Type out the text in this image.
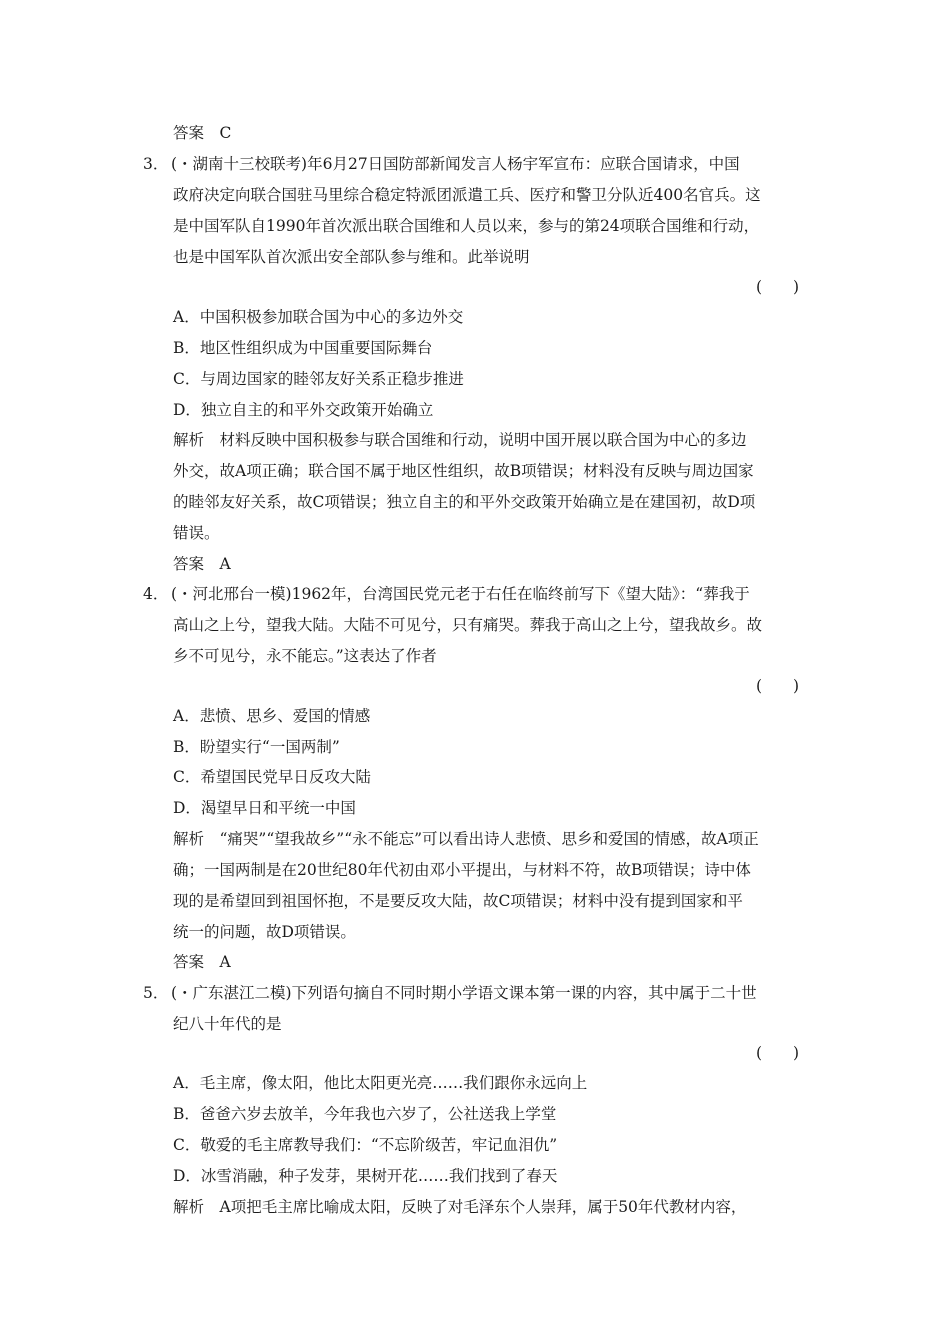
答案　C
3． (・湖南十三校联考)年6月27日国防部新闻发言人杨宇军宣布：应联合国请求，中国
政府决定向联合国驻马里综合稳定特派团派遣工兵、医疗和警卫分队近400名官兵。这
是中国军队自1990年首次派出联合国维和人员以来，参与的第24项联合国维和行动，
也是中国军队首次派出安全部队参与维和。此举说明
(　　)
A．中国积极参加联合国为中心的多边外交
B．地区性组织成为中国重要国际舞台
C．与周边国家的睦邻友好关系正稳步推进
D．独立自主的和平外交政策开始确立
解析　材料反映中国积极参与联合国维和行动，说明中国开展以联合国为中心的多边
外交，故A项正确；联合国不属于地区性组织，故B项错误；材料没有反映与周边国家
的睦邻友好关系，故C项错误；独立自主的和平外交政策开始确立是在建国初，故D项
错误。
答案　A
4． (・河北邢台一模)1962年，台湾国民党元老于右任在临终前写下《望大陆》：“葬我于
高山之上兮，望我大陆。大陆不可见兮，只有痛哭。葬我于高山之上兮，望我故乡。故
乡不可见兮，永不能忘。”这表达了作者
(　　)
A．悲愤、思乡、爱国的情感
B．盼望实行“一国两制”
C．希望国民党早日反攻大陆
D．渴望早日和平统一中国
解析　“痛哭”“望我故乡”“永不能忘”可以看出诗人悲愤、思乡和爱国的情感，故A项正
确；一国两制是在20世纪80年代初由邓小平提出，与材料不符，故B项错误；诗中体
现的是希望回到祖国怀抱，不是要反攻大陆，故C项错误；材料中没有提到国家和平
统一的问题，故D项错误。
答案　A
5． (・广东湛江二模)下列语句摘自不同时期小学语文课本第一课的内容，其中属于二十世
纪八十年代的是
(　　)
A．毛主席，像太阳，他比太阳更光亮……我们跟你永远向上
B．爸爸六岁去放羊，今年我也六岁了，公社送我上学堂
C．敬爱的毛主席教导我们：“不忘阶级苦，牢记血泪仇”
D．冰雪消融，种子发芽，果树开花……我们找到了春天
解析　A项把毛主席比喻成太阳，反映了对毛泽东个人崇拜，属于50年代教材内容，
